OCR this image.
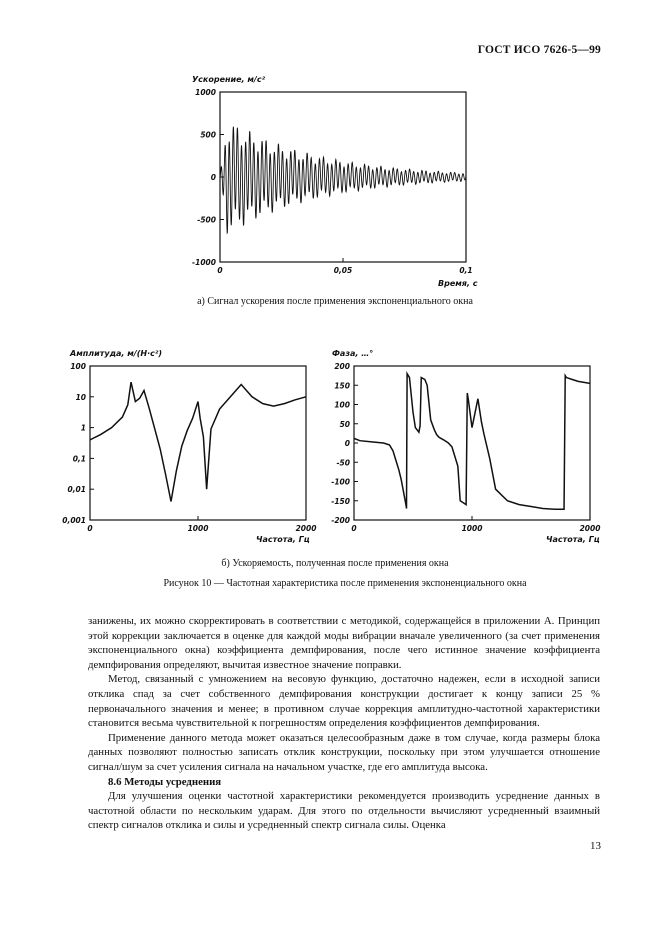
ГОСТ ИСО 7626-5—99
Ускорение, м/с²
1000
500
0
-500
-1000
0	0,05	0,1
Время, с
а) Сигнал ускорения после применения экспоненциального окна
Амплитуда, м/(Н·с²)
100
10
1
0,1
0,01
0,001
0	1000	2000
Частота, Гц
Фаза, …°
200
150
100
50
0
-50
-100
-150
-200
0	1000	2000
Частота, Гц
б) Ускоряемость, полученная после применения окна
Рисунок 10 — Частотная характеристика после применения экспоненциального окна

занижены, их можно скорректировать в соответствии с методикой, содержащейся в приложении А. Принцип этой коррекции заключается в оценке для каждой моды вибрации вначале увеличенного (за счет применения экспоненциального окна) коэффициента демпфирования, после чего истинное значение коэффициента демпфирования определяют, вычитая известное значение поправки.

Метод, связанный с умножением на весовую функцию, достаточно надежен, если в исходной записи отклика спад за счет собственного демпфирования конструкции достигает к концу записи 25 % первоначального значения и менее; в противном случае коррекция амплитудно-частотной характеристики становится весьма чувствительной к погрешностям определения коэффициентов демпфирования.

Применение данного метода может оказаться целесообразным даже в том случае, когда размеры блока данных позволяют полностью записать отклик конструкции, поскольку при этом улучшается отношение сигнал/шум за счет усиления сигнала на начальном участке, где его амплитуда высока.

8.6 Методы усреднения

Для улучшения оценки частотной характеристики рекомендуется производить усреднение данных в частотной области по нескольким ударам. Для этого по отдельности вычисляют усредненный взаимный спектр сигналов отклика и силы и усредненный спектр сигнала силы. Оценка

13
